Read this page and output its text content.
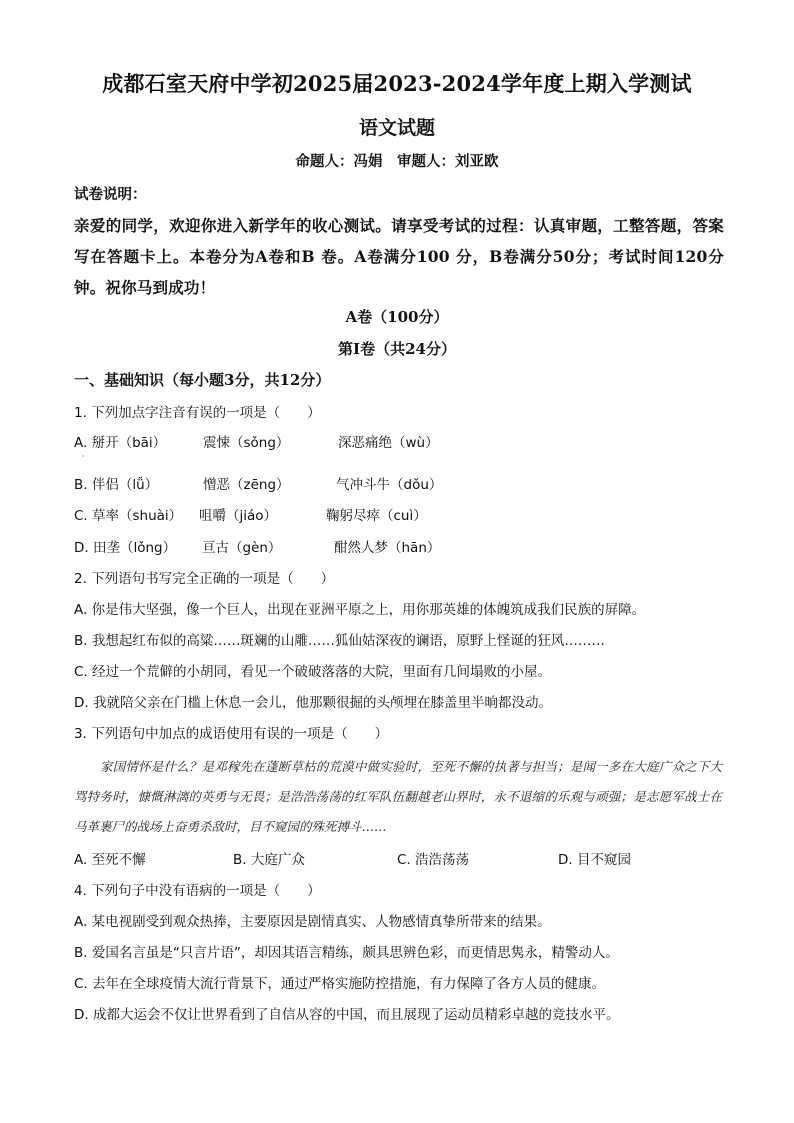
成都石室天府中学初2025届2023-2024学年度上期入学测试
语文试题
命题人：冯娟　审题人：刘亚欧
试卷说明：
亲爱的同学，欢迎你进入新学年的收心测试。请享受考试的过程：认真审题，工整答题，答案写在答题卡上。本卷分为A卷和B 卷。A卷满分100 分，B卷满分50分；考试时间120分钟。祝你马到成功！
A卷（100分）
第Ⅰ卷（共24分）
一、基础知识（每小题3分，共12分）
1. 下列加点字注音有误的一项是（　　）
A. 掰开（bāi）	震悚（sǒng）	深恶痛绝（wù）
·
B. 伴侣（lǚ）	憎恶（zēng）	气冲斗牛（dǒu）
C. 草率（shuài） 咀嚼（jiáo）	鞠躬尽瘁（cuì）
D. 田垄（lǒng） 亘古（gèn）	酣然人梦（hān）
2. 下列语句书写完全正确的一项是（　　）
A. 你是伟大坚强，像一个巨人，出现在亚洲平原之上，用你那英雄的体魄筑成我们民族的屏障。
B. 我想起红布似的高粱……斑斓的山雕……狐仙姑深夜的谰语，原野上怪诞的狂风………
C. 经过一个荒僻的小胡同，看见一个破破落落的大院，里面有几间塌败的小屋。
D. 我就陪父亲在门槛上休息一会儿，他那颗很掘的头颅埋在膝盖里半晌都没动。
3. 下列语句中加点的成语使用有误的一项是（　　）
家国情怀是什么？是邓稼先在蓬断草枯的荒漠中做实验时，至死不懈的执著与担当；是闻一多在大庭广众之下大骂特务时，慷慨淋漓的英勇与无畏；是浩浩荡荡的红军队伍翻越老山界时，永不退缩的乐观与顽强；是志愿军战士在马革裹尸的战场上奋勇杀敌时，目不窥园的殊死搏斗……
A. 至死不懈	B. 大庭广众	C. 浩浩荡荡	D. 目不窥园
4. 下列句子中没有语病的一项是（　　）
A. 某电视剧受到观众热捧，主要原因是剧情真实、人物感情真挚所带来的结果。
B. 爱国名言虽是“只言片语”，却因其语言精练，颇具思辨色彩，而更情思隽永，精警动人。
C. 去年在全球疫情大流行背景下，通过严格实施防控措施，有力保障了各方人员的健康。
D. 成都大运会不仅让世界看到了自信从容的中国，而且展现了运动员精彩卓越的竞技水平。
